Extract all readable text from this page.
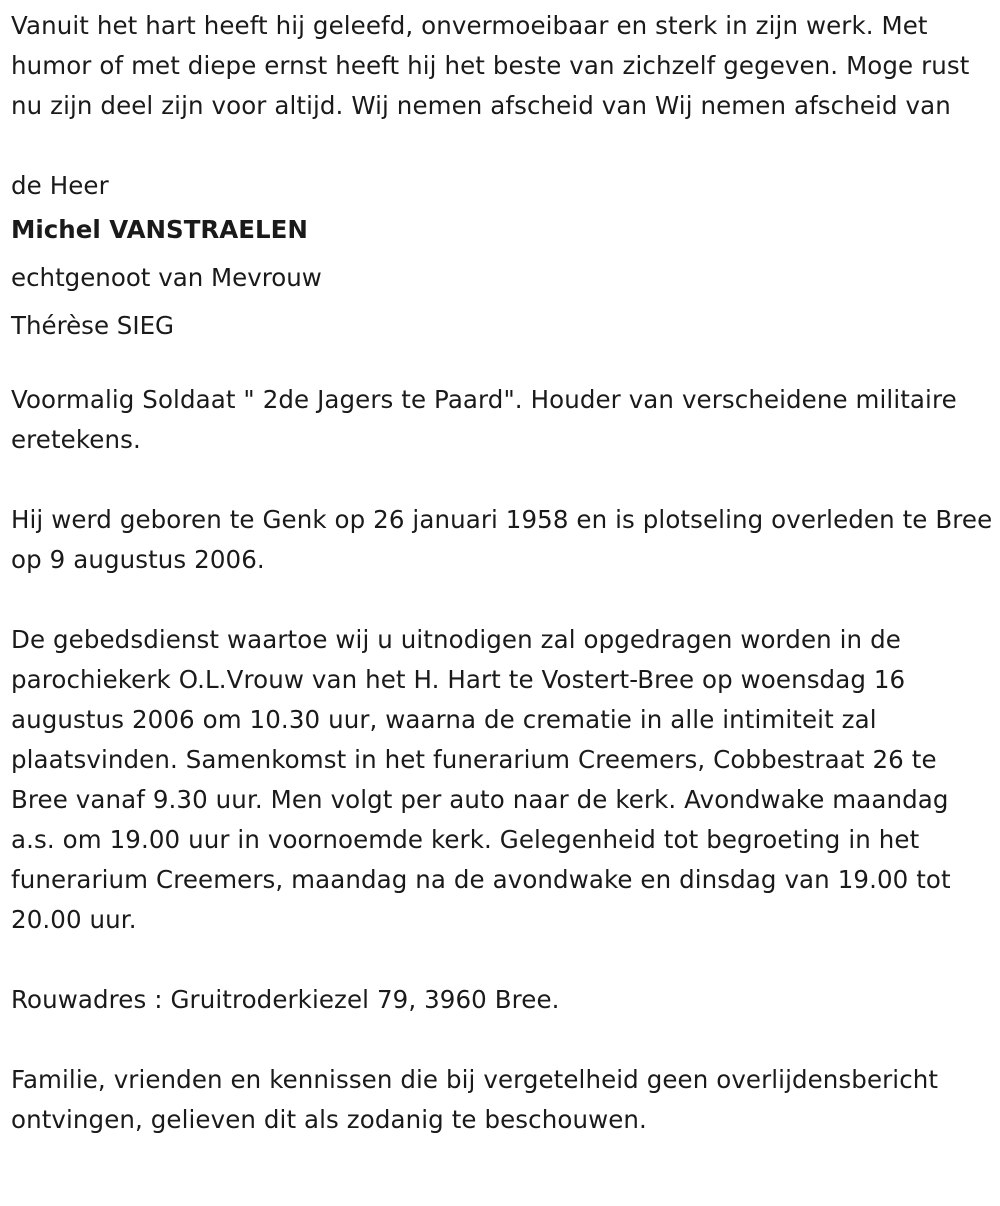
Vanuit het hart heeft hij geleefd, onvermoeibaar en sterk in zijn werk. Met humor of met diepe ernst heeft hij het beste van zichzelf gegeven. Moge rust nu zijn deel zijn voor altijd. Wij nemen afscheid van Wij nemen afscheid van

de Heer

Michel VANSTRAELEN

echtgenoot van Mevrouw

Thérèse SIEG

Voormalig Soldaat " 2de Jagers te Paard". Houder van verscheidene militaire eretekens.

Hij werd geboren te Genk op 26 januari 1958 en is plotseling overleden te Bree op 9 augustus 2006.

De gebedsdienst waartoe wij u uitnodigen zal opgedragen worden in de parochiekerk O.L.Vrouw van het H. Hart te Vostert-Bree op woensdag 16 augustus 2006 om 10.30 uur, waarna de crematie in alle intimiteit zal plaatsvinden. Samenkomst in het funerarium Creemers, Cobbestraat 26 te Bree vanaf 9.30 uur. Men volgt per auto naar de kerk. Avondwake maandag a.s. om 19.00 uur in voornoemde kerk. Gelegenheid tot begroeting in het funerarium Creemers, maandag na de avondwake en dinsdag van 19.00 tot 20.00 uur.

Rouwadres : Gruitroderkiezel 79, 3960 Bree.

Familie, vrienden en kennissen die bij vergetelheid geen overlijdensbericht ontvingen, gelieven dit als zodanig te beschouwen.
